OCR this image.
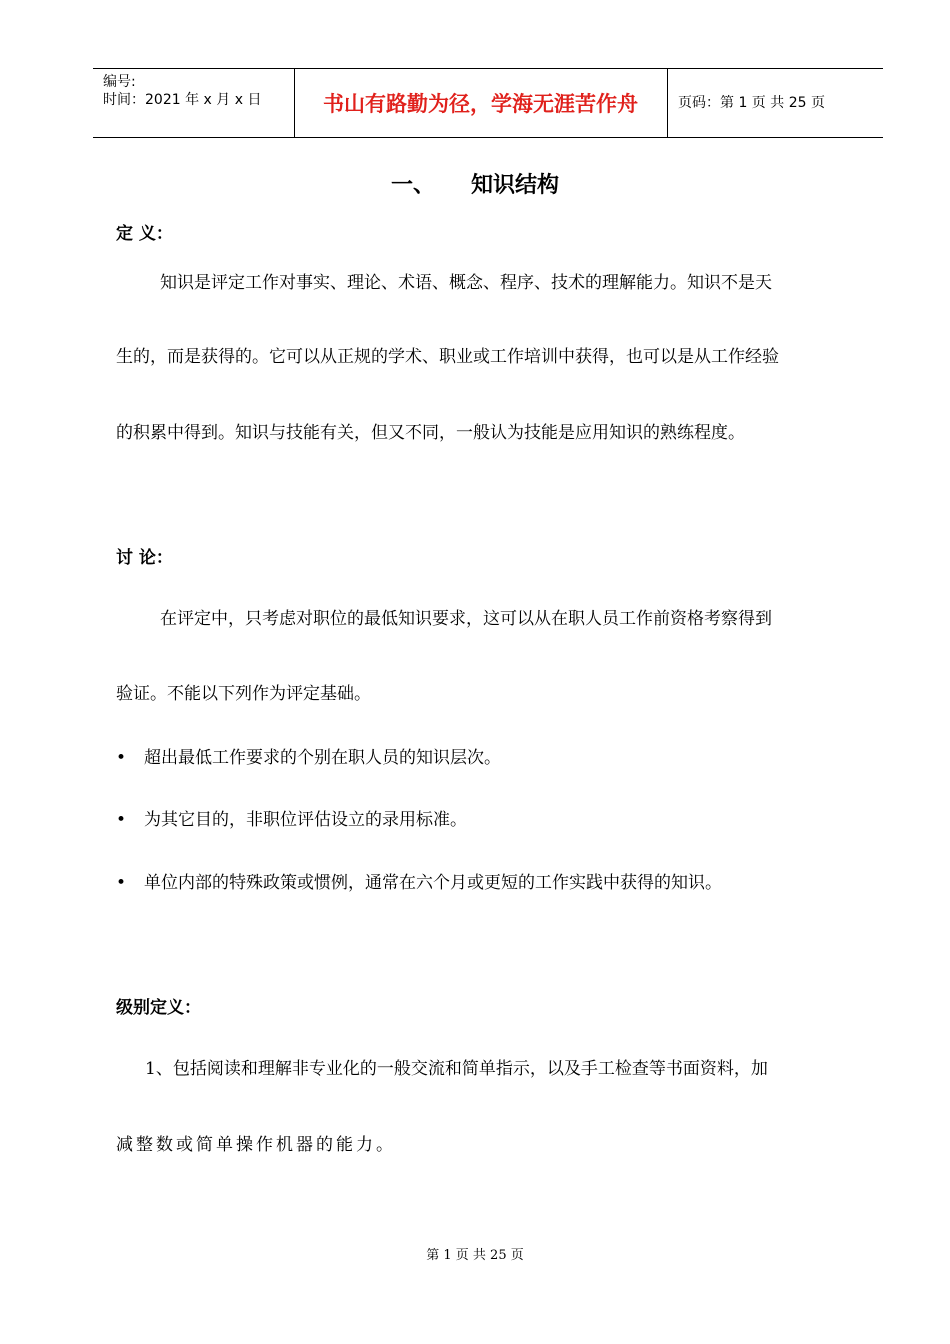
编号:
时间：2021 年 x 月 x 日	书山有路勤为径，学海无涯苦作舟	页码：第 1 页 共 25 页
一、 知识结构
定 义：
知识是评定工作对事实、理论、术语、概念、程序、技术的理解能力。知识不是天
生的，而是获得的。它可以从正规的学术、职业或工作培训中获得，也可以是从工作经验
的积累中得到。知识与技能有关，但又不同，一般认为技能是应用知识的熟练程度。
讨 论：
在评定中，只考虑对职位的最低知识要求，这可以从在职人员工作前资格考察得到
验证。不能以下列作为评定基础。
• 超出最低工作要求的个别在职人员的知识层次。
• 为其它目的，非职位评估设立的录用标准。
• 单位内部的特殊政策或惯例，通常在六个月或更短的工作实践中获得的知识。
级别定义：
1、包括阅读和理解非专业化的一般交流和简单指示，以及手工检查等书面资料，加
减整数或简单操作机器的能力。
第 1 页 共 25 页
